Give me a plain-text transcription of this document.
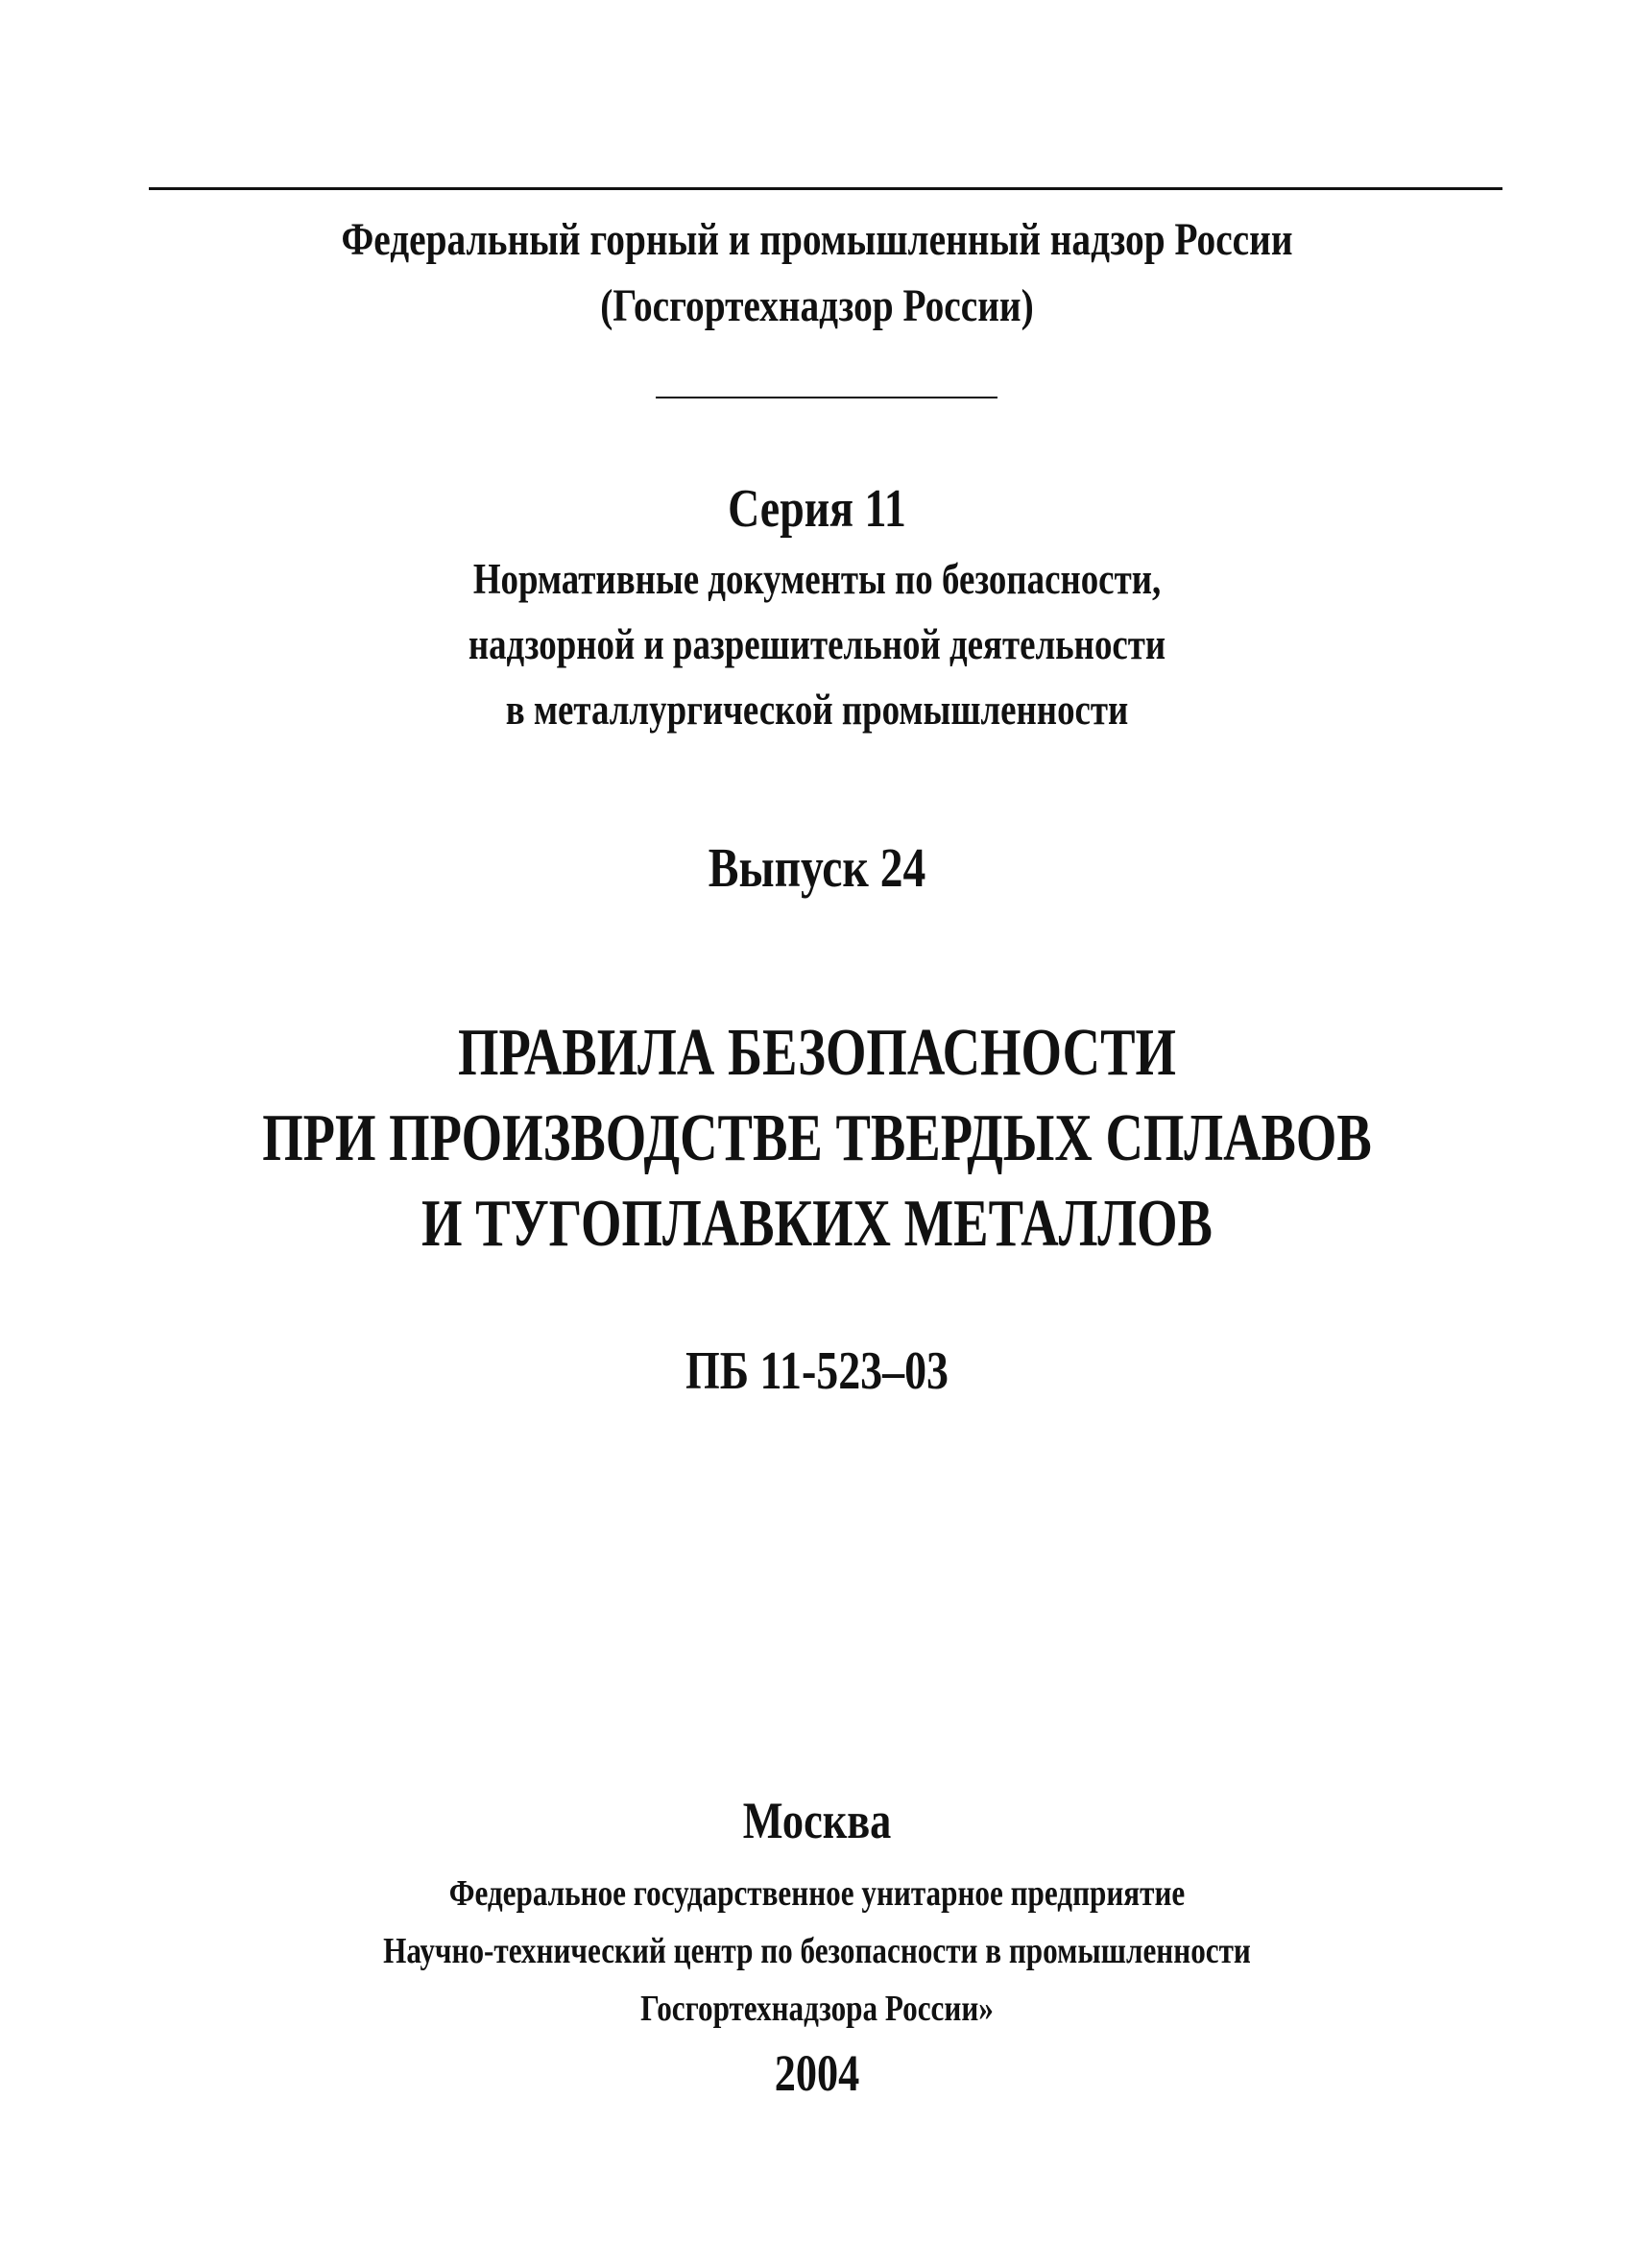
Федеральный горный и промышленный надзор России
(Госгортехнадзор России)
Серия 11
Нормативные документы по безопасности,
надзорной и разрешительной деятельности
в металлургической промышленности
Выпуск 24
ПРАВИЛА БЕЗОПАСНОСТИ
ПРИ ПРОИЗВОДСТВЕ ТВЕРДЫХ СПЛАВОВ
И ТУГОПЛАВКИХ МЕТАЛЛОВ
ПБ 11-523–03
Москва
Федеральное государственное унитарное предприятие
Научно-технический центр по безопасности в промышленности
Госгортехнадзора России»
2004
